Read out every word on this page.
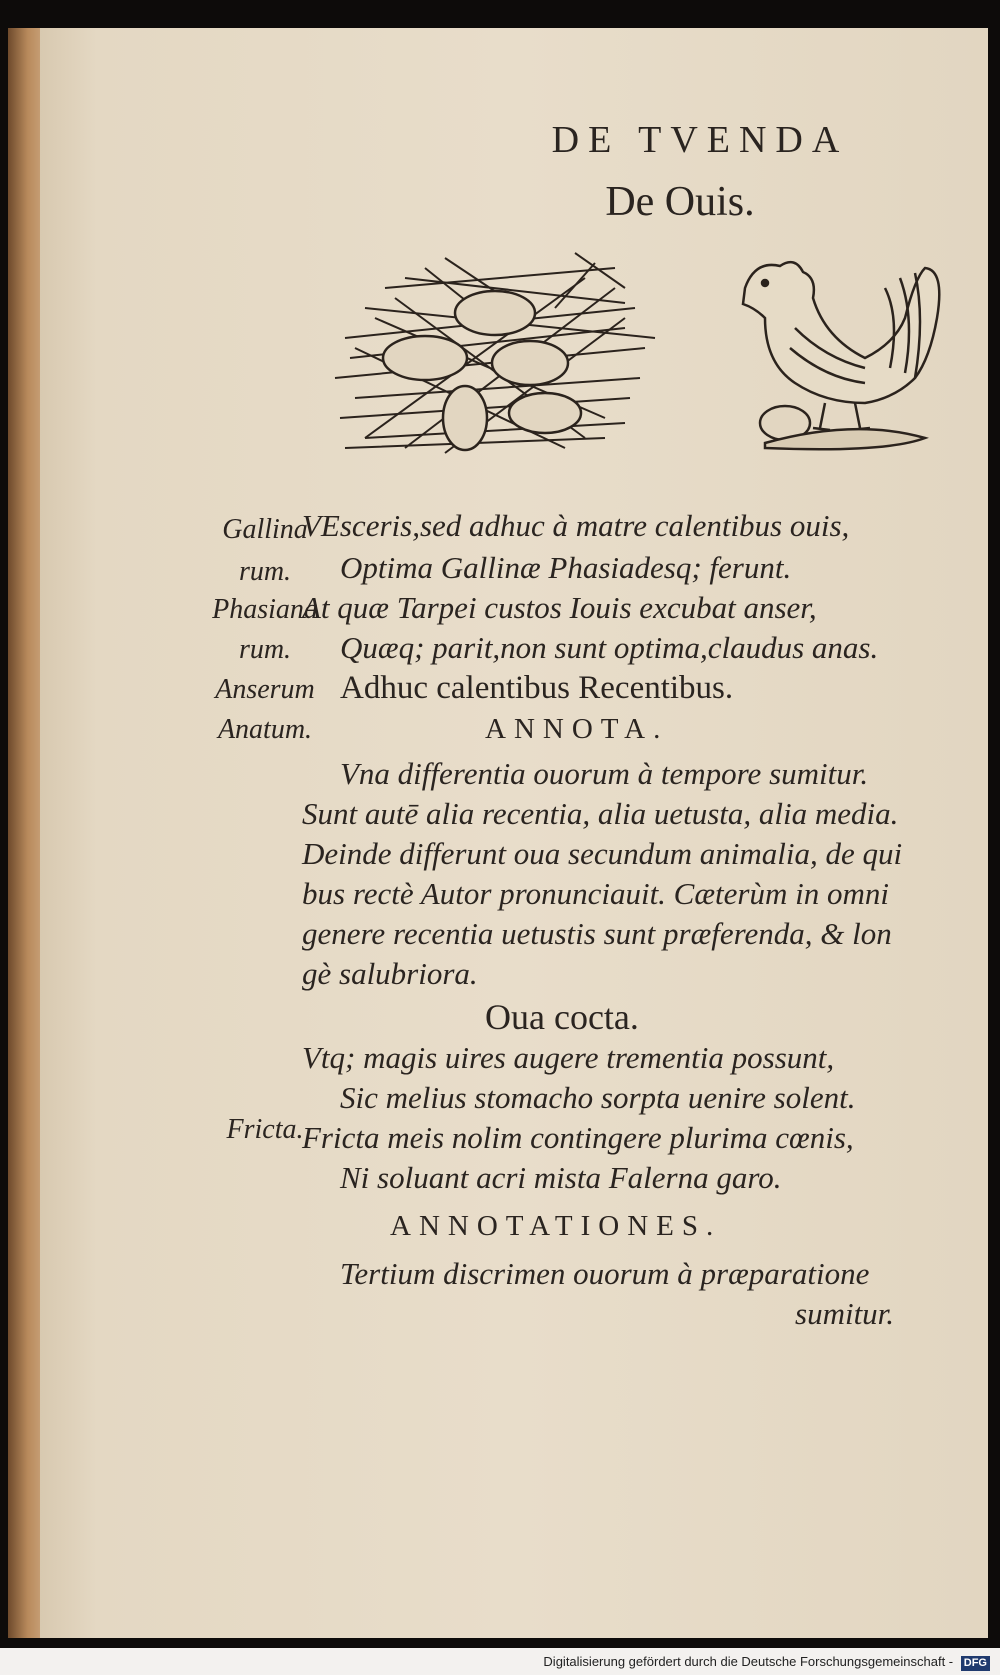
DE TVENDA
De Ouis.
Gallina
rum.
Phasiana
rum.
Anserum
Anatum.
Fricta.
VEsceris,sed adhuc à matre calentibus ouis,
Optima Gallinæ Phasiadesq; ferunt.
At quæ Tarpei custos Iouis excubat anser,
Quæq; parit,non sunt optima,claudus anas.
Adhuc calentibus Recentibus.
ANNOTA.
Vna differentia ouorum à tempore sumitur.
Sunt autē alia recentia, alia uetusta, alia media.
Deinde differunt oua secundum animalia, de qui
bus rectè Autor pronunciauit. Cæterùm in omni
genere recentia uetustis sunt præferenda, & lon
gè salubriora.
Oua cocta.
Vtq; magis uires augere trementia possunt,
Sic melius stomacho sorpta uenire solent.
Fricta meis nolim contingere plurima cœnis,
Ni soluant acri mista Falerna garo.
ANNOTATIONES.
Tertium discrimen ouorum à præparatione
sumitur.
Digitalisierung gefördert durch die Deutsche Forschungsgemeinschaft - DFG
